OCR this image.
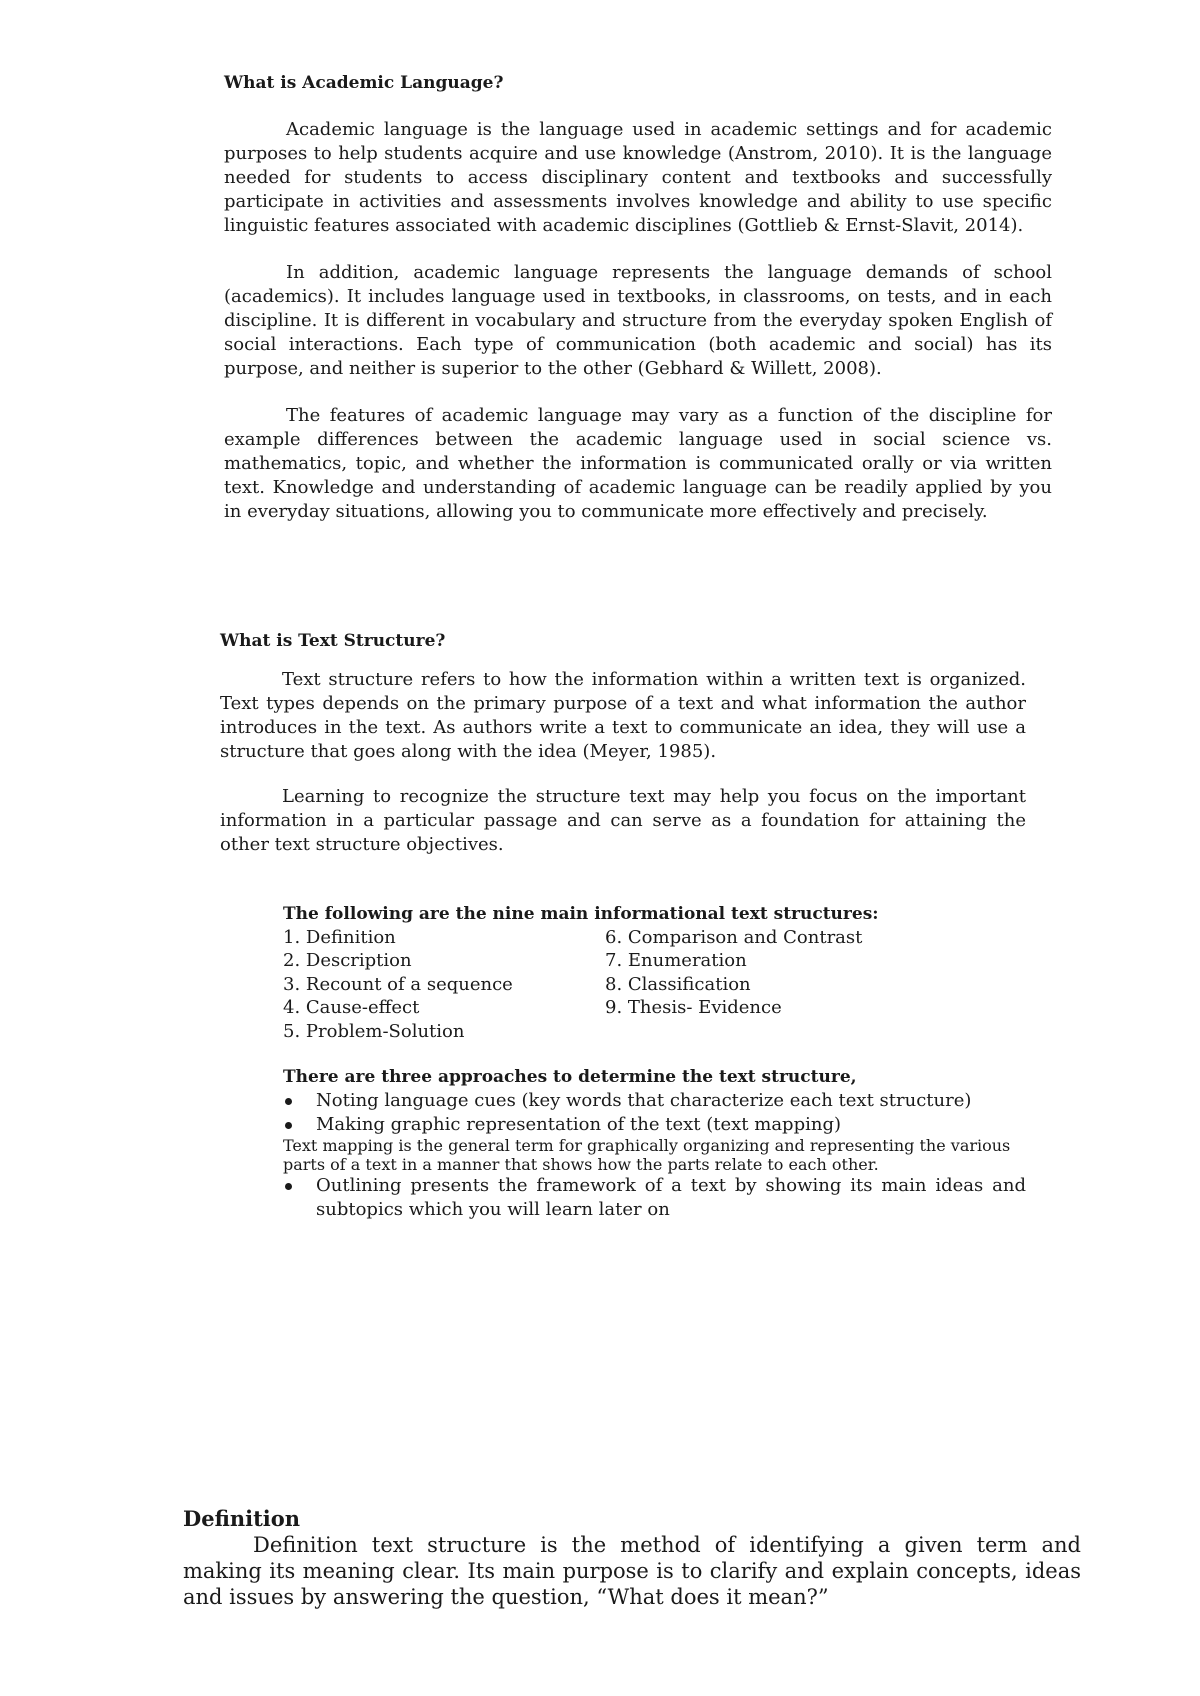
What is Academic Language?

Academic language is the language used in academic settings and for academic purposes to help students acquire and use knowledge (Anstrom, 2010). It is the language needed for students to access disciplinary content and textbooks and successfully participate in activities and assessments involves knowledge and ability to use specific linguistic features associated with academic disciplines (Gottlieb & Ernst-Slavit, 2014).

In addition, academic language represents the language demands of school (academics). It includes language used in textbooks, in classrooms, on tests, and in each discipline. It is different in vocabulary and structure from the everyday spoken English of social interactions. Each type of communication (both academic and social) has its purpose, and neither is superior to the other (Gebhard & Willett, 2008).

The features of academic language may vary as a function of the discipline for example differences between the academic language used in social science vs. mathematics, topic, and whether the information is communicated orally or via written text. Knowledge and understanding of academic language can be readily applied by you in everyday situations, allowing you to communicate more effectively and precisely.

What is Text Structure?

Text structure refers to how the information within a written text is organized. Text types depends on the primary purpose of a text and what information the author introduces in the text. As authors write a text to communicate an idea, they will use a structure that goes along with the idea (Meyer, 1985).

Learning to recognize the structure text may help you focus on the important information in a particular passage and can serve as a foundation for attaining the other text structure objectives.

The following are the nine main informational text structures:
1. Definition
2. Description
3. Recount of a sequence
4. Cause-effect
5. Problem-Solution
6. Comparison and Contrast
7. Enumeration
8. Classification
9. Thesis- Evidence
There are three approaches to determine the text structure,
Noting language cues (key words that characterize each text structure)
Making graphic representation of the text (text mapping)
Text mapping is the general term for graphically organizing and representing the various parts of a text in a manner that shows how the parts relate to each other.
Outlining presents the framework of a text by showing its main ideas and subtopics which you will learn later on
Definition

Definition text structure is the method of identifying a given term and making its meaning clear. Its main purpose is to clarify and explain concepts, ideas and issues by answering the question, “What does it mean?”
